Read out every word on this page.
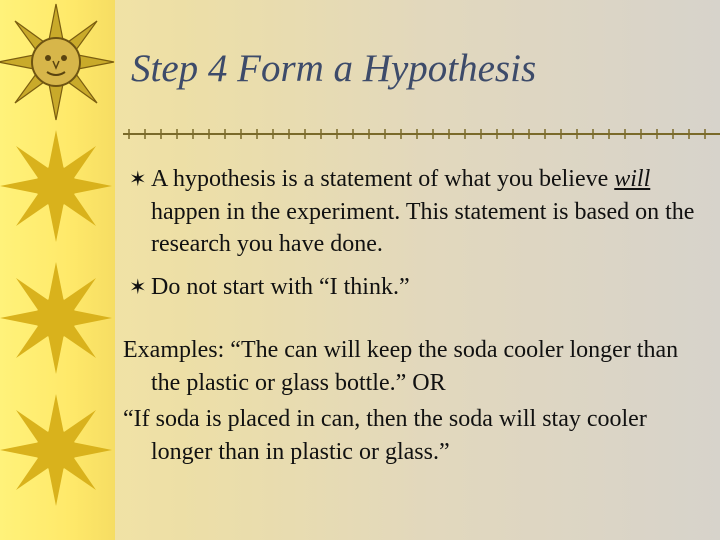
Step 4 Form a Hypothesis
✶ A hypothesis is a statement of what you believe will happen in the experiment. This statement is based on the research you have done.
✶ Do not start with “I think.”
Examples: “The can will keep the soda cooler longer than the plastic or glass bottle.” OR
“If soda is placed in can, then the soda will stay cooler longer than in plastic or glass.”
